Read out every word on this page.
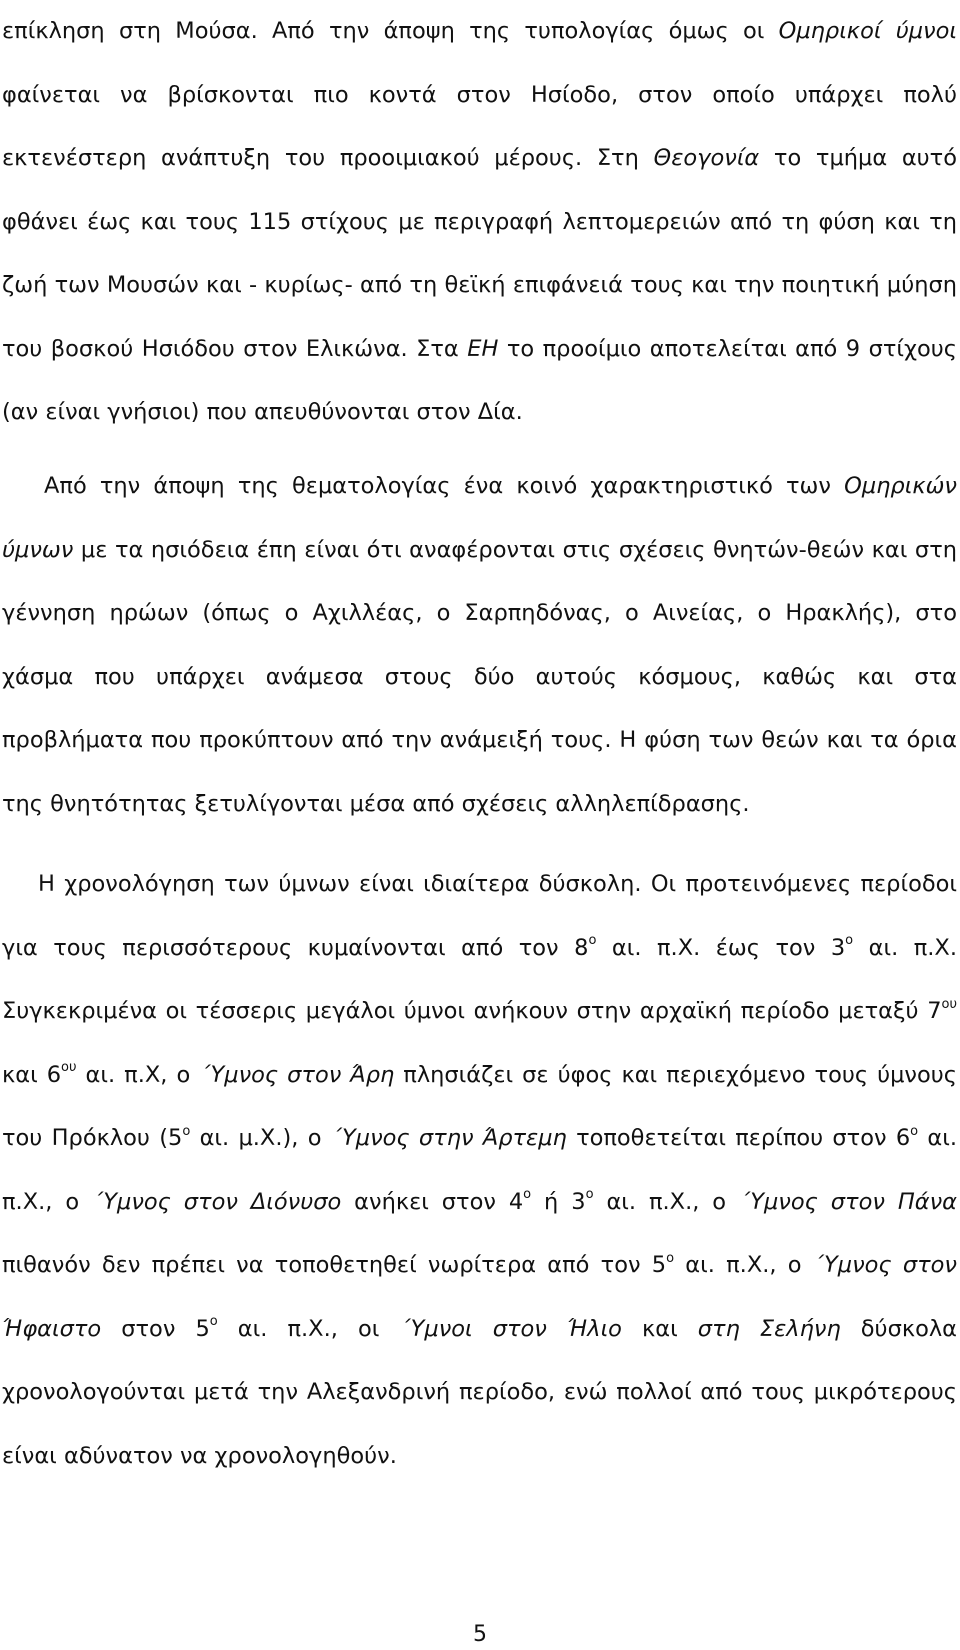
επίκληση στη Μούσα. Από την άποψη της τυπολογίας όμως οι Ομηρικοί ύμνοι φαίνεται να βρίσκονται πιο κοντά στον Ησίοδο, στον οποίο υπάρχει πολύ εκτενέστερη ανάπτυξη του προοιμιακού μέρους. Στη Θεογονία το τμήμα αυτό φθάνει έως και τους 115 στίχους με περιγραφή λεπτομερειών από τη φύση και τη ζωή των Μουσών και - κυρίως- από τη θεϊκή επιφάνειά τους και την ποιητική μύηση του βοσκού Ησιόδου στον Ελικώνα. Στα ΕΗ το προοίμιο αποτελείται από 9 στίχους (αν είναι γνήσιοι) που απευθύνονται στον Δία.

Από την άποψη της θεματολογίας ένα κοινό χαρακτηριστικό των Ομηρικών ύμνων με τα ησιόδεια έπη είναι ότι αναφέρονται στις σχέσεις θνητών-θεών και στη γέννηση ηρώων (όπως ο Αχιλλέας, ο Σαρπηδόνας, ο Αινείας, ο Ηρακλής), στο χάσμα που υπάρχει ανάμεσα στους δύο αυτούς κόσμους, καθώς και στα προβλήματα που προκύπτουν από την ανάμειξή τους. Η φύση των θεών και τα όρια της θνητότητας ξετυλίγονται μέσα από σχέσεις αλληλεπίδρασης.

Η χρονολόγηση των ύμνων είναι ιδιαίτερα δύσκολη. Οι προτεινόμενες περίοδοι για τους περισσότερους κυμαίνονται από τον $8^o$ αι. π.Χ. έως τον $3^o$ αι. π.Χ. Συγκεκριμένα οι τέσσερις μεγάλοι ύμνοι ανήκουν στην αρχαϊκή περίοδο μεταξύ $7^{o\upsilon}$ και $6^{o\upsilon}$ αι. π.Χ, ο ΄Υμνος στον Άρη πλησιάζει σε ύφος και περιεχόμενο τους ύμνους του Πρόκλου ($5^o$ αι. μ.Χ.), ο ΄Υμνος στην Άρτεμη τοποθετείται περίπου στον $6^o$ αι. π.Χ., ο ΄Υμνος στον Διόνυσο ανήκει στον $4^o$ ή $3^o$ αι. π.Χ., ο ΄Υμνος στον Πάνα πιθανόν δεν πρέπει να τοποθετηθεί νωρίτερα από τον $5^o$ αι. π.Χ., ο ΄Υμνος στον Ήφαιστο στον $5^o$ αι. π.Χ., οι ΄Υμνοι στον Ήλιο και στη Σελήνη δύσκολα χρονολογούνται μετά την Αλεξανδρινή περίοδο, ενώ πολλοί από τους μικρότερους είναι αδύνατον να χρονολογηθούν.

5
